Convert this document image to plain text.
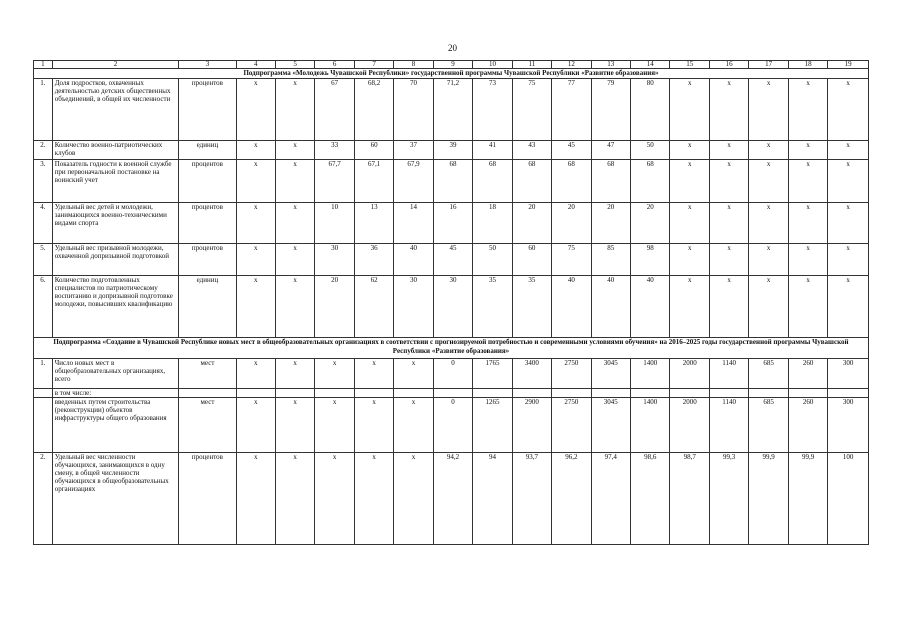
20
1	2	3	4	5	6	7	8	9	10	11	12	13	14	15	16	17	18	19
Подпрограмма «Молодежь Чувашской Республики» государственной программы Чувашской Республики «Развитие образования»																		
1.	Доля подростков, охваченных деятельностью детских общественных объединений, в общей их численности	процентов	x	x	67	68,2	70	71,2	73	75	77	79	80	x	x	x	x	x
2.	Количество военно-патриотических клубов	единиц	x	x	33	60	37	39	41	43	45	47	50	x	x	x	x	x
3.	Показатель годности к военной службе при первоначальной постановке на воинский учет	процентов	x	x	67,7	67,1	67,9	68	68	68	68	68	68	x	x	x	x	x
4.	Удельный вес детей и молодежи, занимающихся военно-техническими видами спорта	процентов	x	x	10	13	14	16	18	20	20	20	20	x	x	x	x	x
5.	Удельный вес призывной молодежи, охваченной допризывной подготовкой	процентов	x	x	30	36	40	45	50	60	75	85	98	x	x	x	x	x
6.	Количество подготовленных специалистов по патриотическому воспитанию и допризывной подготовке молодежи, повысивших квалификацию	единиц	x	x	20	62	30	30	35	35	40	40	40	x	x	x	x	x
Подпрограмма «Создание в Чувашской Республике новых мест в общеобразовательных организациях в соответствии с прогнозируемой потребностью и современными условиями обучения» на 2016–2025 годы государственной программы Чувашской Республики «Развитие образования»																		
1.	Число новых мест в общеобразовательных организациях, всего	мест	x	x	x	x	x	0	1765	3400	2750	3045	1400	2000	1140	685	260	300
	в том числе:																	
	введенных путем строительства (реконструкции) объектов инфраструктуры общего образования	мест	x	x	x	x	x	0	1265	2900	2750	3045	1400	2000	1140	685	260	300
2.	Удельный вес численности обучающихся, занимающихся в одну смену, в общей численности обучающихся в общеобразовательных организациях	процентов	x	x	x	x	x	94,2	94	93,7	96,2	97,4	98,6	98,7	99,3	99,9	99,9	100
